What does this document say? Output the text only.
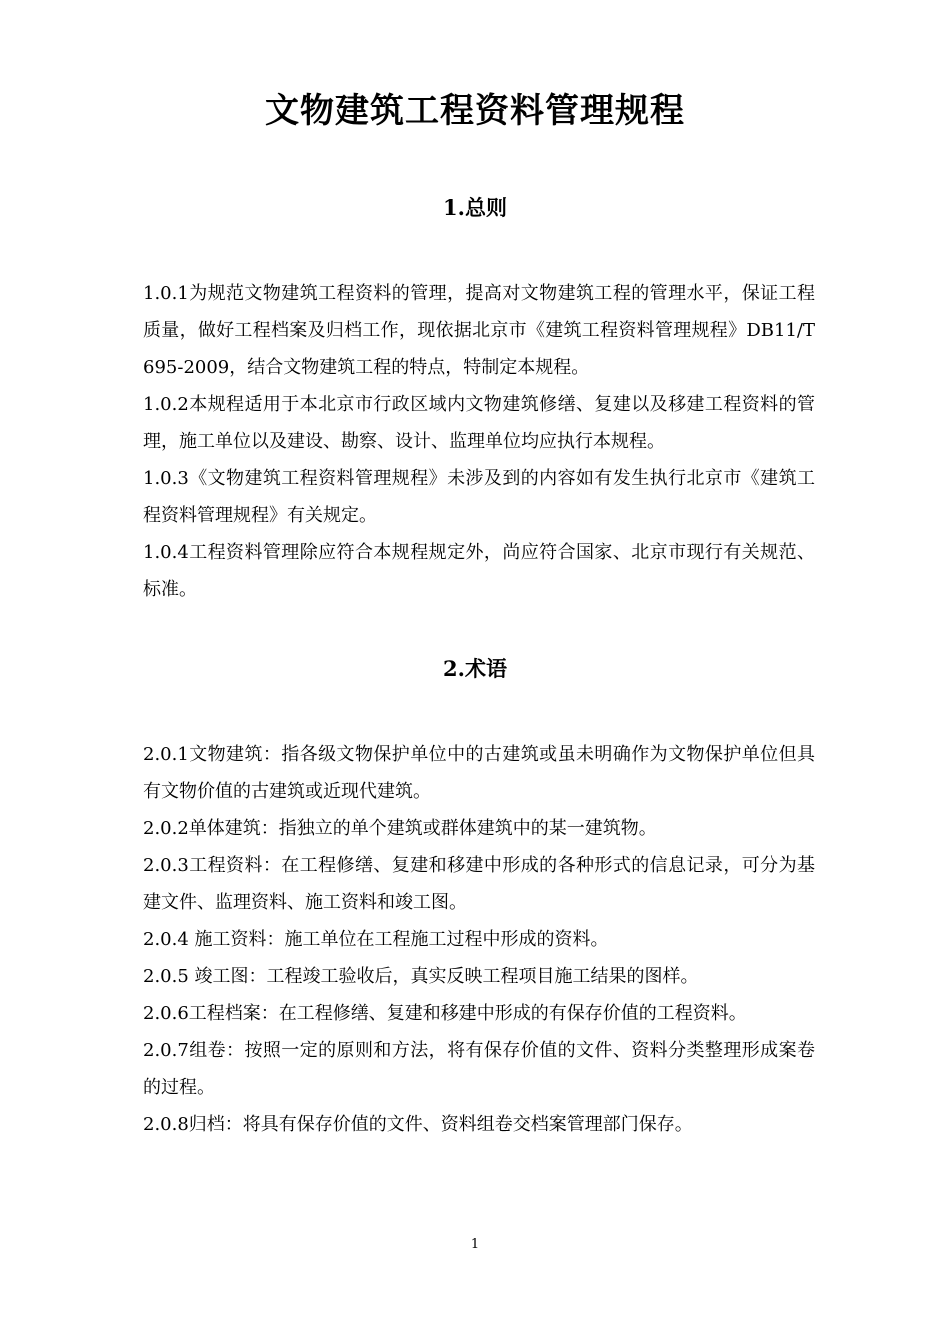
文物建筑工程资料管理规程
1.总则

1.0.1为规范文物建筑工程资料的管理，提高对文物建筑工程的管理水平，保证工程质量，做好工程档案及归档工作，现依据北京市《建筑工程资料管理规程》DB11/T695-2009，结合文物建筑工程的特点，特制定本规程。

1.0.2本规程适用于本北京市行政区域内文物建筑修缮、复建以及移建工程资料的管理，施工单位以及建设、勘察、设计、监理单位均应执行本规程。

1.0.3《文物建筑工程资料管理规程》未涉及到的内容如有发生执行北京市《建筑工程资料管理规程》有关规定。

1.0.4工程资料管理除应符合本规程规定外，尚应符合国家、北京市现行有关规范、标准。

2.术语

2.0.1文物建筑：指各级文物保护单位中的古建筑或虽未明确作为文物保护单位但具有文物价值的古建筑或近现代建筑。

2.0.2单体建筑：指独立的单个建筑或群体建筑中的某一建筑物。

2.0.3工程资料：在工程修缮、复建和移建中形成的各种形式的信息记录，可分为基建文件、监理资料、施工资料和竣工图。

2.0.4 施工资料：施工单位在工程施工过程中形成的资料。

2.0.5 竣工图：工程竣工验收后，真实反映工程项目施工结果的图样。

2.0.6工程档案：在工程修缮、复建和移建中形成的有保存价值的工程资料。

2.0.7组卷：按照一定的原则和方法，将有保存价值的文件、资料分类整理形成案卷的过程。

2.0.8归档：将具有保存价值的文件、资料组卷交档案管理部门保存。

1
